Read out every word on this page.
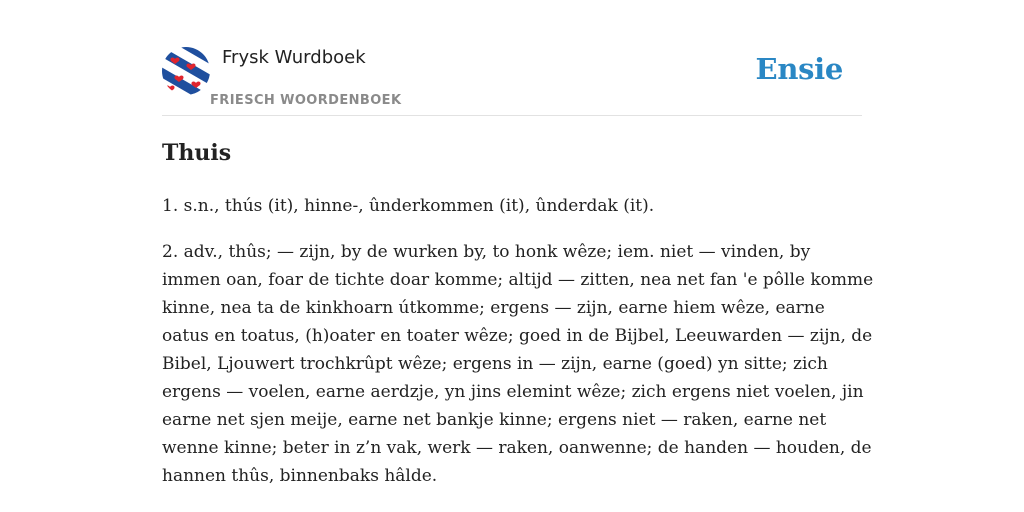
Frysk Wurdboek
FRIESCH WOORDENBOEK
Ensie
Thuis

1. s.n., thús (it), hinne-, ûnderkommen (it), ûnderdak (it).

2. adv., thûs; — zijn, by de wurken by, to honk wêze; iem. niet — vinden, by immen oan, foar de tichte doar komme; altijd — zitten, nea net fan 'e pôlle komme kinne, nea ta de kinkhoarn útkomme; ergens — zijn, earne hiem wêze, earne oatus en toatus, (h)oater en toater wêze; goed in de Bijbel, Leeuwarden — zijn, de Bibel, Ljouwert trochkrûpt wêze; ergens in — zijn, earne (goed) yn sitte; zich ergens — voelen, earne aerdzje, yn jins elemint wêze; zich ergens niet voelen, jin earne net sjen meije, earne net bankje kinne; ergens niet — raken, earne net wenne kinne; beter in z’n vak, werk — raken, oanwenne; de handen — houden, de hannen thûs, binnenbaks hâlde.
